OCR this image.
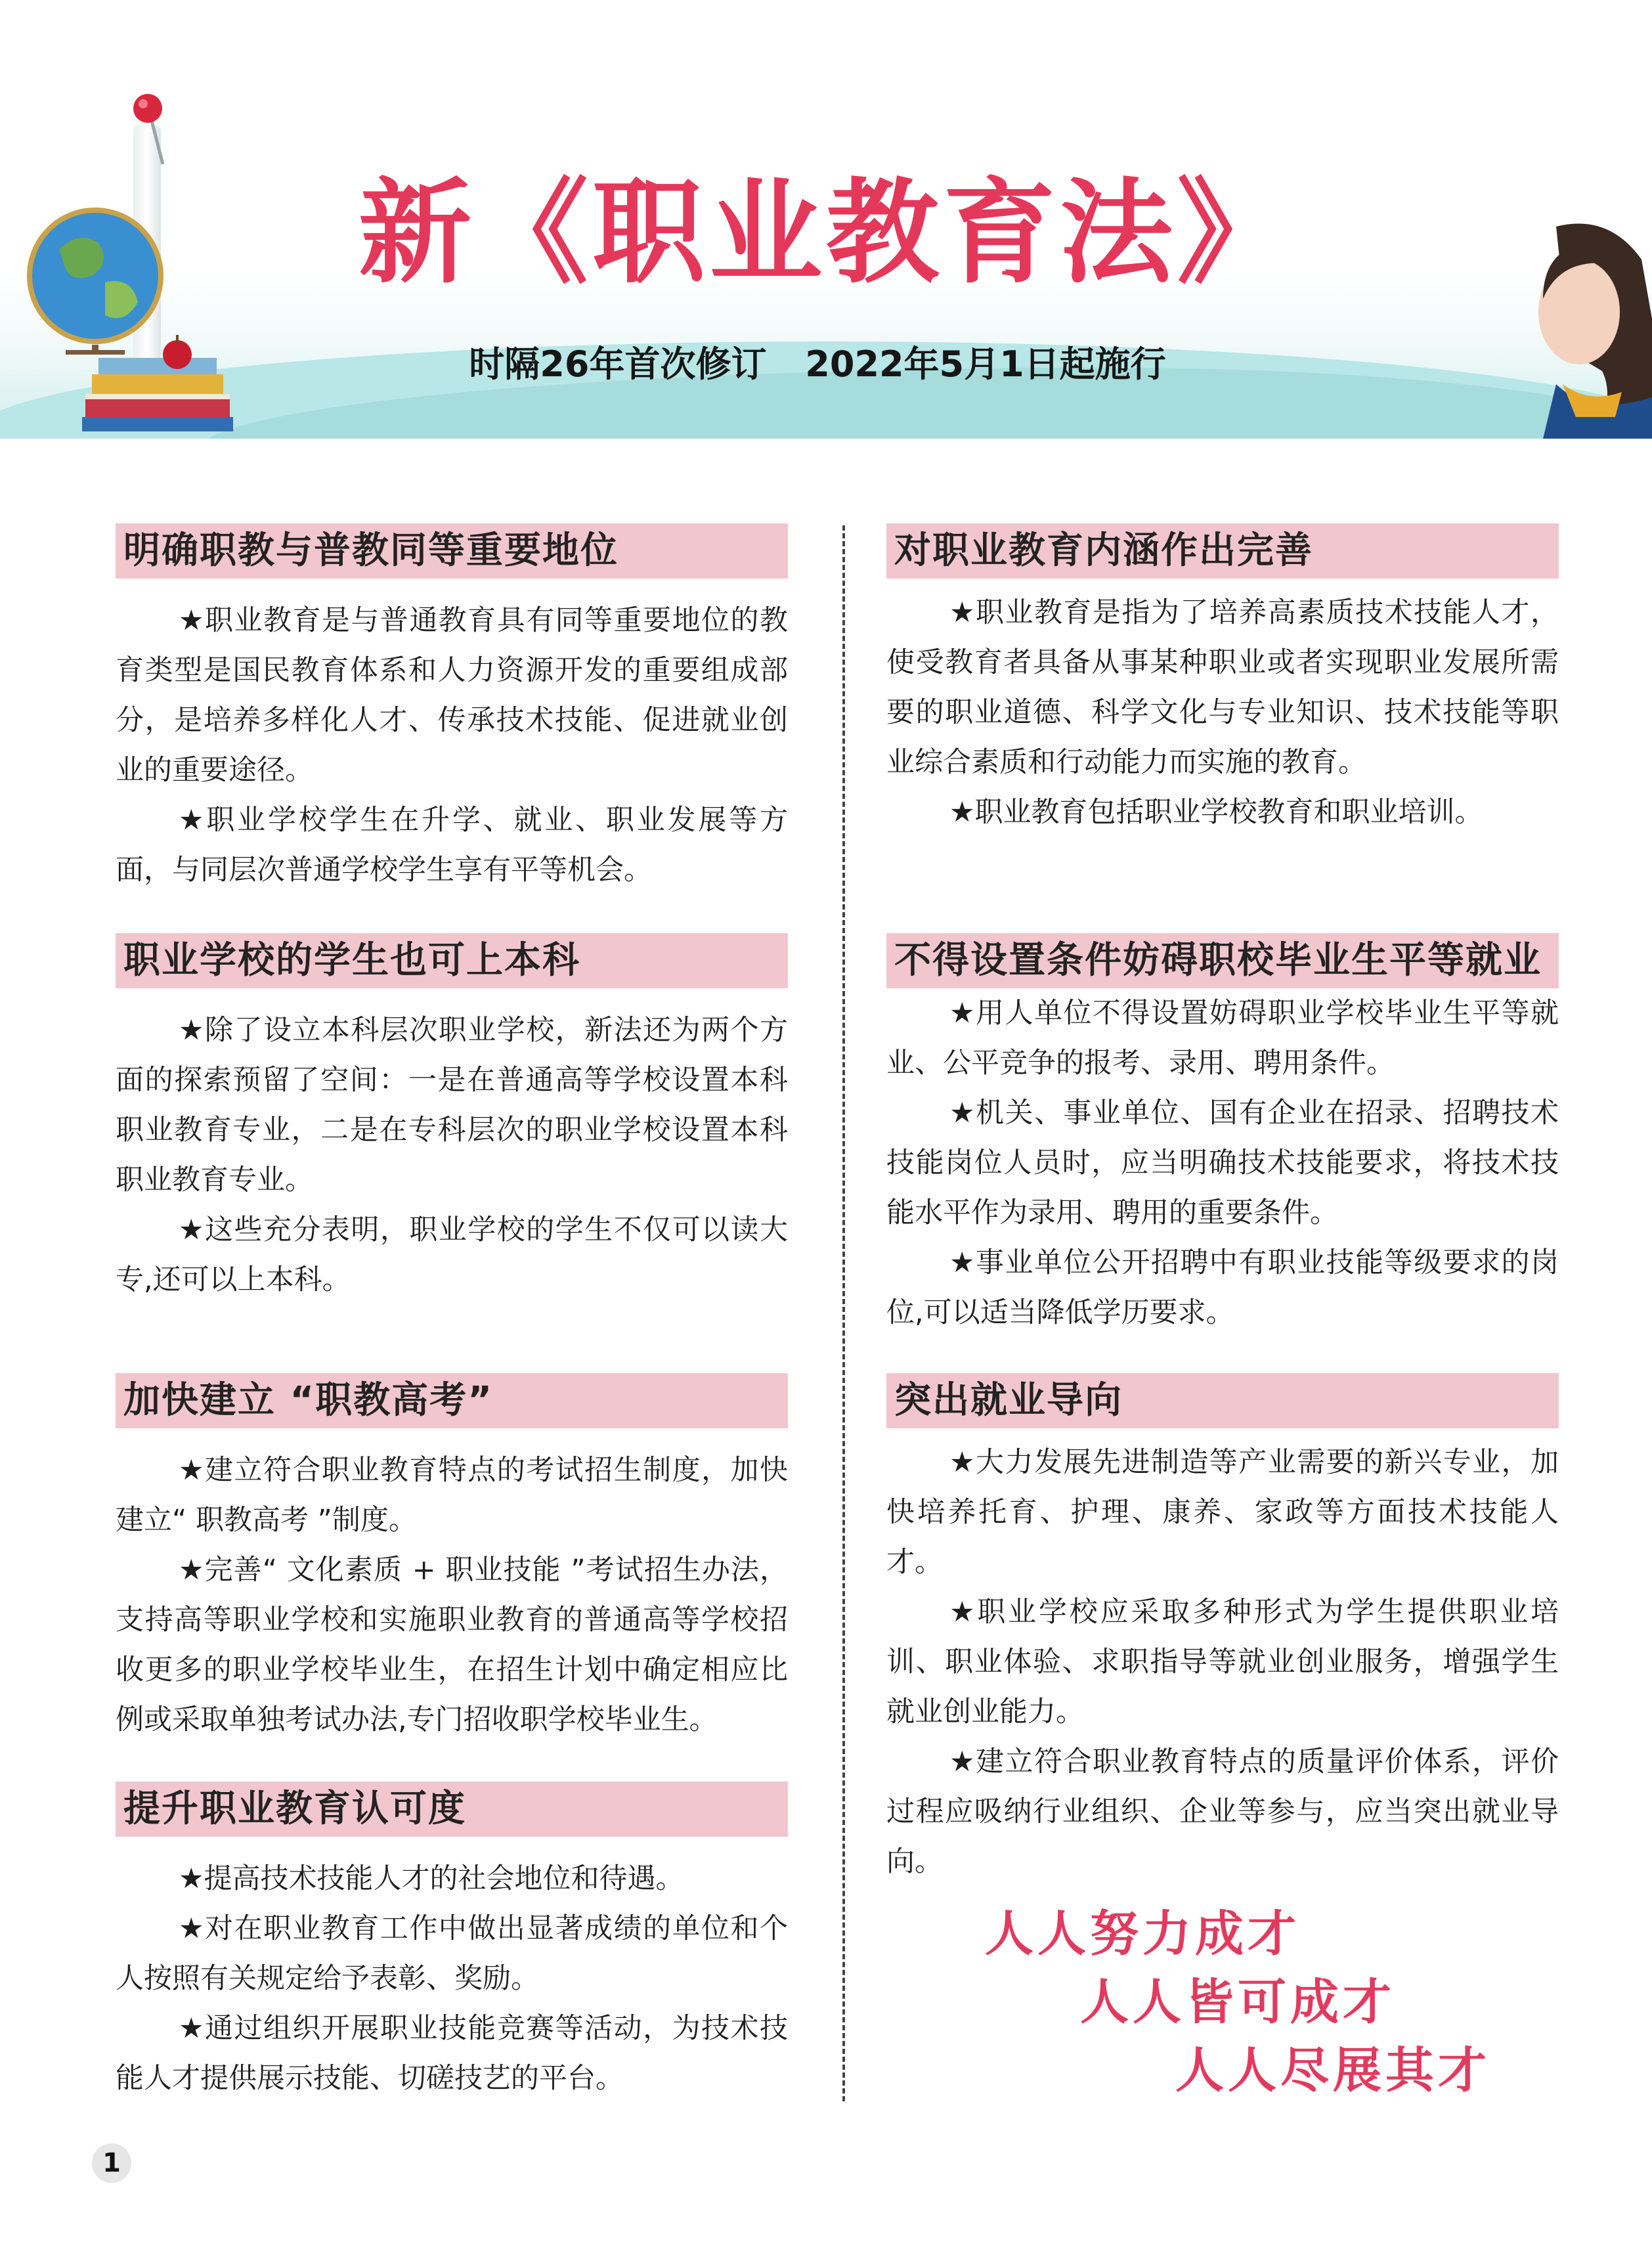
新《职业教育法》
时隔26年首次修订 2022年5月1日起施行
明确职教与普教同等重要地位

★职业教育是与普通教育具有同等重要地位的教育类型是国民教育体系和人力资源开发的重要组成部分，是培养多样化人才、传承技术技能、促进就业创业的重要途径。

★职业学校学生在升学、就业、职业发展等方面，与同层次普通学校学生享有平等机会。

职业学校的学生也可上本科

★除了设立本科层次职业学校，新法还为两个方面的探索预留了空间：一是在普通高等学校设置本科职业教育专业，二是在专科层次的职业学校设置本科职业教育专业。

★这些充分表明，职业学校的学生不仅可以读大专,还可以上本科。

加快建立 “职教高考”

★建立符合职业教育特点的考试招生制度，加快建立“ 职教高考 ”制度。

★完善“ 文化素质 + 职业技能 ”考试招生办法，支持高等职业学校和实施职业教育的普通高等学校招收更多的职业学校毕业生，在招生计划中确定相应比例或采取单独考试办法,专门招收职学校毕业生。

提升职业教育认可度

★提高技术技能人才的社会地位和待遇。

★对在职业教育工作中做出显著成绩的单位和个人按照有关规定给予表彰、奖励。

★通过组织开展职业技能竞赛等活动，为技术技能人才提供展示技能、切磋技艺的平台。

对职业教育内涵作出完善

★职业教育是指为了培养高素质技术技能人才，使受教育者具备从事某种职业或者实现职业发展所需要的职业道德、科学文化与专业知识、技术技能等职业综合素质和行动能力而实施的教育。

★职业教育包括职业学校教育和职业培训。

不得设置条件妨碍职校毕业生平等就业

★用人单位不得设置妨碍职业学校毕业生平等就业、公平竞争的报考、录用、聘用条件。

★机关、事业单位、国有企业在招录、招聘技术技能岗位人员时，应当明确技术技能要求，将技术技能水平作为录用、聘用的重要条件。

★事业单位公开招聘中有职业技能等级要求的岗位,可以适当降低学历要求。

突出就业导向

★大力发展先进制造等产业需要的新兴专业，加快培养托育、护理、康养、家政等方面技术技能人才。

★职业学校应采取多种形式为学生提供职业培训、职业体验、求职指导等就业创业服务，增强学生就业创业能力。

★建立符合职业教育特点的质量评价体系，评价过程应吸纳行业组织、企业等参与，应当突出就业导向。

人人努力成才
人人皆可成才
人人尽展其才
1
